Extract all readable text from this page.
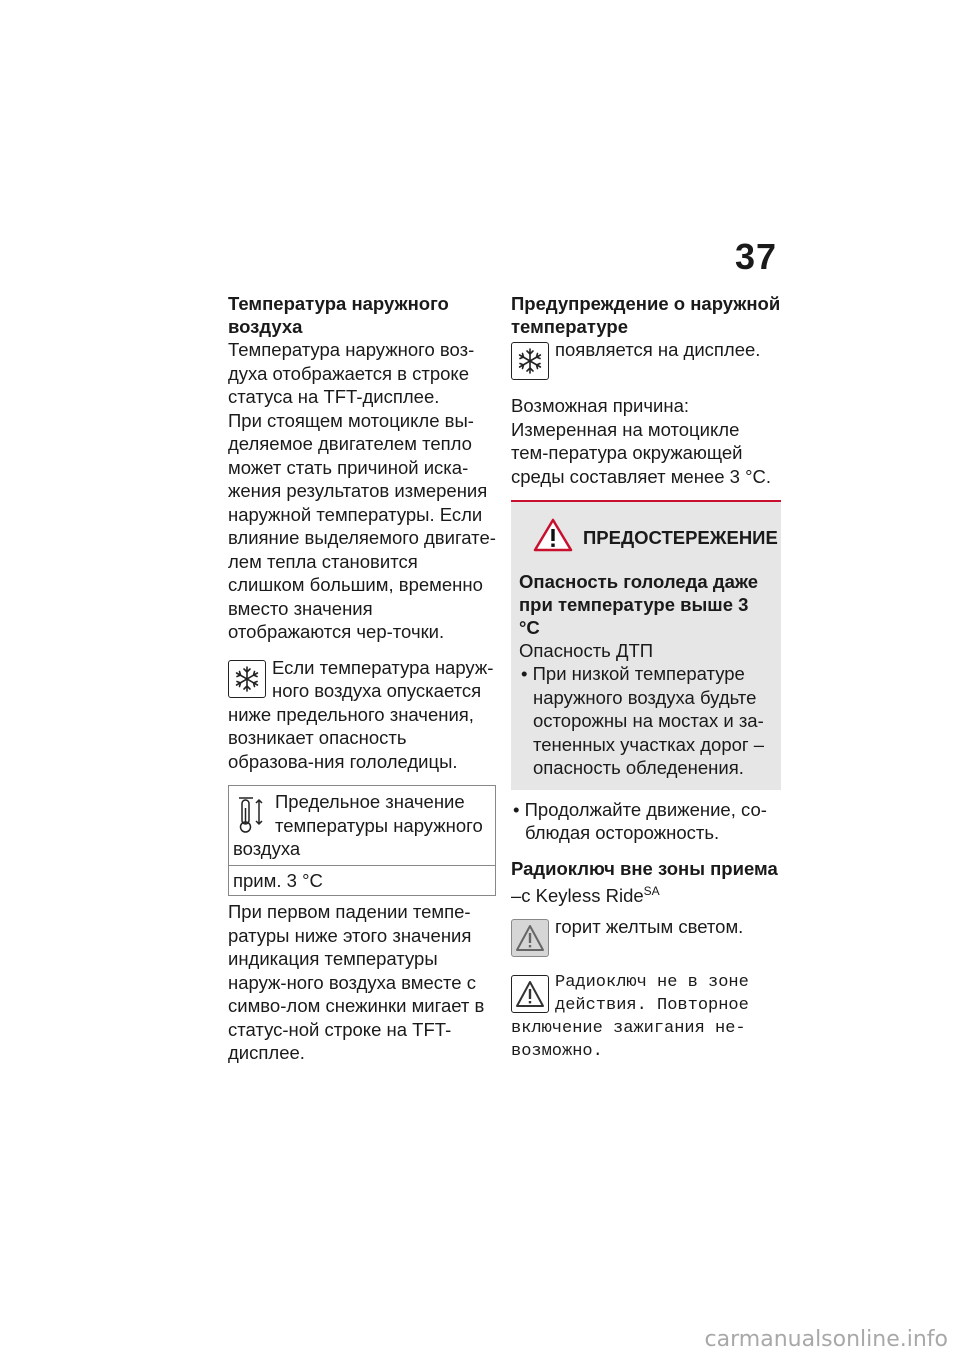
37
Температура наружного воздуха

Температура наружного воз-духа отображается в строке статуса на TFT-дисплее.

При стоящем мотоцикле вы-деляемое двигателем тепло может стать причиной иска-жения результатов измерения наружной температуры. Если влияние выделяемого двигате-лем тепла становится слишком большим, временно вместо значения отображаются чер-точки.

Если температура наруж-ного воздуха опускается ниже предельного значения, возникает опасность образова-ния гололедицы.

Предельное значение температуры наружного воздуха
прим. 3 °C

При первом падении темпе-ратуры ниже этого значения индикация температуры наруж-ного воздуха вместе с симво-лом снежинки мигает в статус-ной строке на TFT-дисплее.

Предупреждение о наружной температуре

появляется на дисплее.

Возможная причина:

Измеренная на мотоцикле тем-пература окружающей среды составляет менее 3 °C.

ПРЕДОСТЕРЕЖЕНИЕ
Опасность гололеда даже при температуре выше 3 °C

Опасность ДТП

• При низкой температуре наружного воздуха будьте осторожны на мостах и за-тененных участках дорог – опасность обледенения.

• Продолжайте движение, со-блюдая осторожность.

Радиоключ вне зоны приема

–с Keyless Ride$^{SA}$

горит желтым светом.

Радиоключ не в зоне действия. Повторное включение зажигания не-возможно.

carmanualsonline.info
